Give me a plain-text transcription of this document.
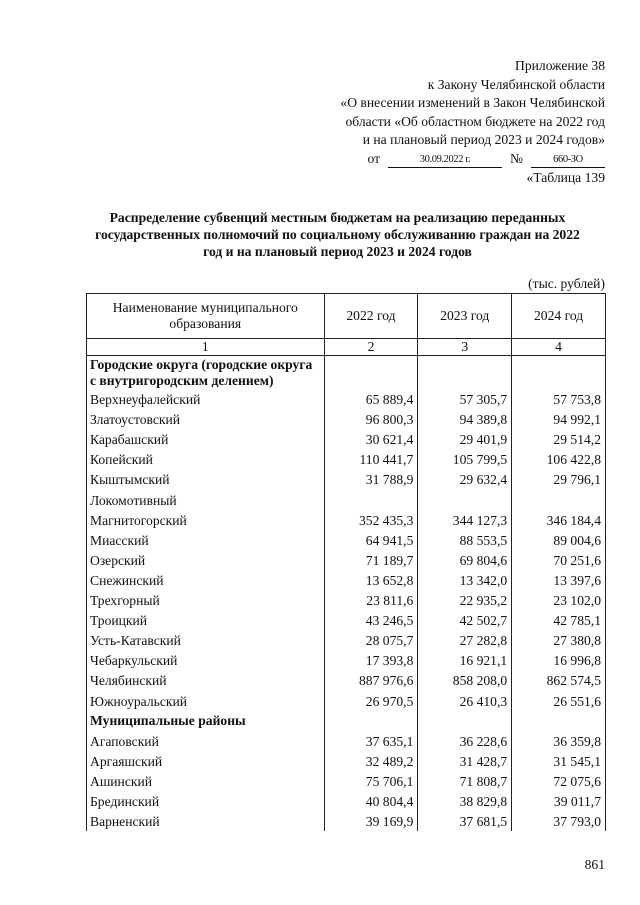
Приложение 38
к Закону Челябинской области
«О внесении изменений в Закон Челябинской
области «Об областном бюджете на 2022 год
и на плановый период 2023 и 2024 годов»
от	30.09.2022 г.	№	660-ЗО
«Таблица 139
Распределение субвенций местным бюджетам на реализацию переданных
государственных полномочий по социальному обслуживанию граждан на 2022
год и на плановый период 2023 и 2024 годов
(тыс. рублей)
Наименование муниципального образования	2022 год	2023 год	2024 год
1	2	3	4
Городские округа (городские округа с внутригородским делением)			
Верхнеуфалейский	65 889,4	57 305,7	57 753,8
Златоустовский	96 800,3	94 389,8	94 992,1
Карабашский	30 621,4	29 401,9	29 514,2
Копейский	110 441,7	105 799,5	106 422,8
Кыштымский	31 788,9	29 632,4	29 796,1
Локомотивный			
Магнитогорский	352 435,3	344 127,3	346 184,4
Миасский	64 941,5	88 553,5	89 004,6
Озерский	71 189,7	69 804,6	70 251,6
Снежинский	13 652,8	13 342,0	13 397,6
Трехгорный	23 811,6	22 935,2	23 102,0
Троицкий	43 246,5	42 502,7	42 785,1
Усть-Катавский	28 075,7	27 282,8	27 380,8
Чебаркульский	17 393,8	16 921,1	16 996,8
Челябинский	887 976,6	858 208,0	862 574,5
Южноуральский	26 970,5	26 410,3	26 551,6
Муниципальные районы			
Агаповский	37 635,1	36 228,6	36 359,8
Аргаяшский	32 489,2	31 428,7	31 545,1
Ашинский	75 706,1	71 808,7	72 075,6
Брединский	40 804,4	38 829,8	39 011,7
Варненский	39 169,9	37 681,5	37 793,0
861
